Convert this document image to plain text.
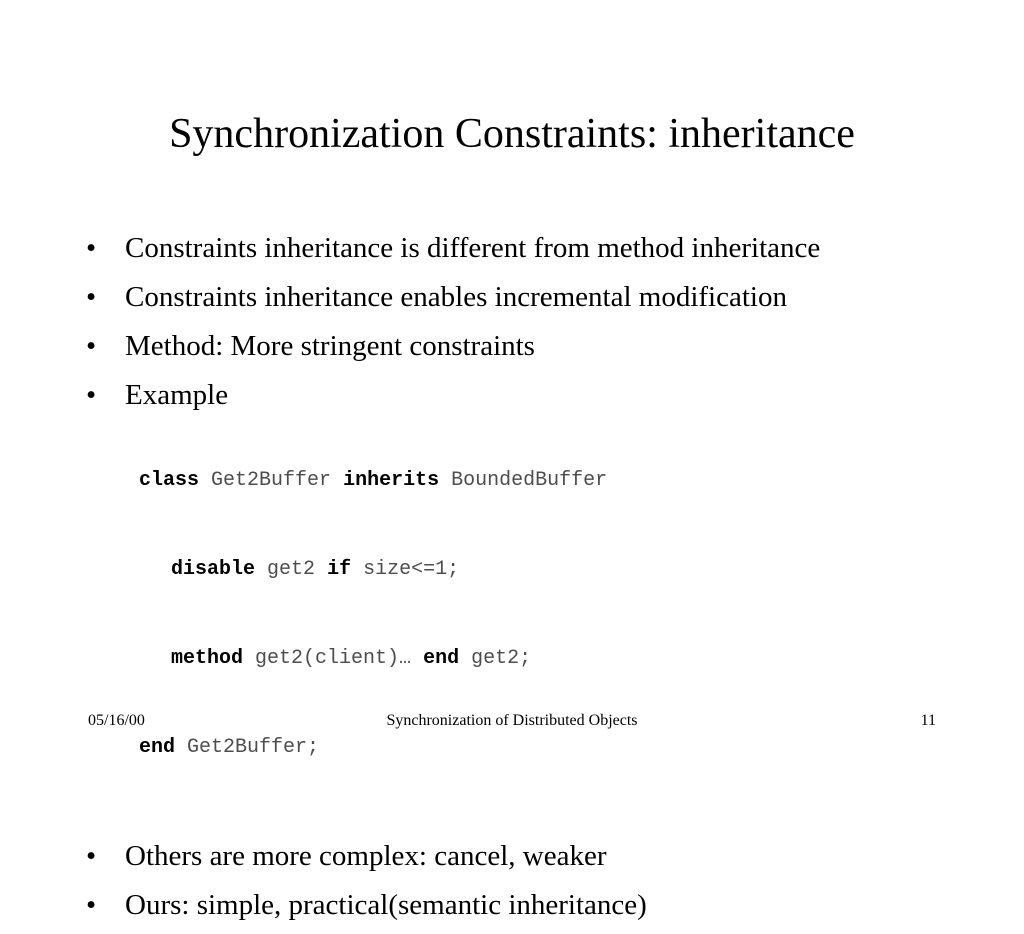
Synchronization Constraints: inheritance
• Constraints inheritance is different from method inheritance
• Constraints inheritance enables incremental modification
• Method: More stringent constraints
• Example

class Get2Buffer inherits BoundedBuffer

disable get2 if size<=1;

method get2(client)… end get2;

end Get2Buffer;

• Others are more complex: cancel, weaker
• Ours: simple, practical(semantic inheritance)
05/16/00	Synchronization of Distributed Objects	11
